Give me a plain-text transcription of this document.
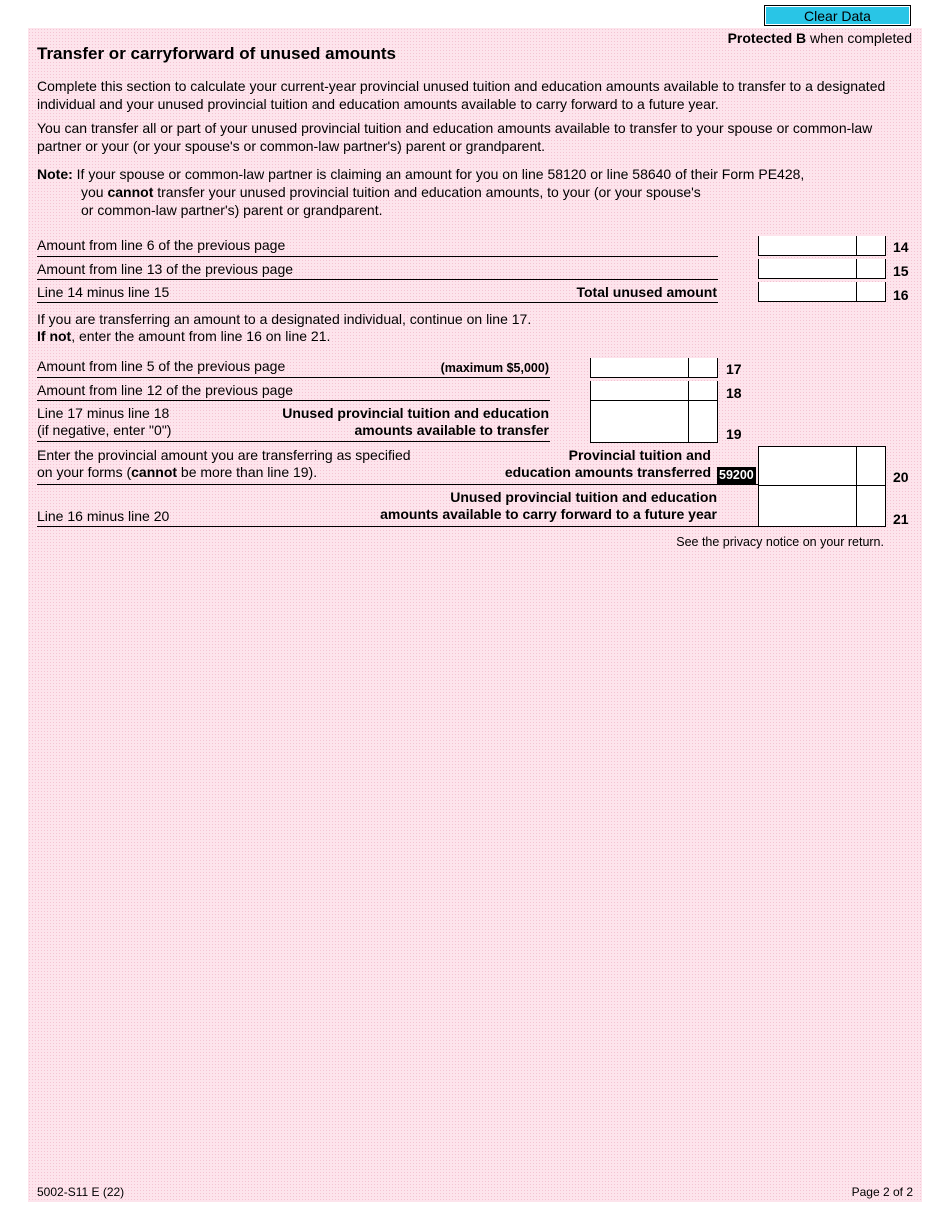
Clear Data
Protected B when completed
Transfer or carryforward of unused amounts

Complete this section to calculate your current-year provincial unused tuition and education amounts available to transfer to a designated individual and your unused provincial tuition and education amounts available to carry forward to a future year.

You can transfer all or part of your unused provincial tuition and education amounts available to transfer to your spouse or common-law partner or your (or your spouse's or common-law partner's) parent or grandparent.

Note: If your spouse or common-law partner is claiming an amount for you on line 58120 or line 58640 of their Form PE428,
you cannot transfer your unused provincial tuition and education amounts, to your (or your spouse's
or common-law partner's) parent or grandparent.
Amount from line 6 of the previous page	14
Amount from line 13 of the previous page	15
Line 14 minus line 15	Total unused amount	16
If you are transferring an amount to a designated individual, continue on line 17.
If not, enter the amount from line 16 on line 21.
Amount from line 5 of the previous page	(maximum $5,000)	17
Amount from line 12 of the previous page	18
Line 17 minus line 18
(if negative, enter "0")
Unused provincial tuition and education
amounts available to transfer	19
Enter the provincial amount you are transferring as specified
on your forms (cannot be more than line 19).
Provincial tuition and
education amounts transferred 59200	20
Line 16 minus line 20
Unused provincial tuition and education
amounts available to carry forward to a future year	21
See the privacy notice on your return.
5002-S11 E (22)	Page 2 of 2
